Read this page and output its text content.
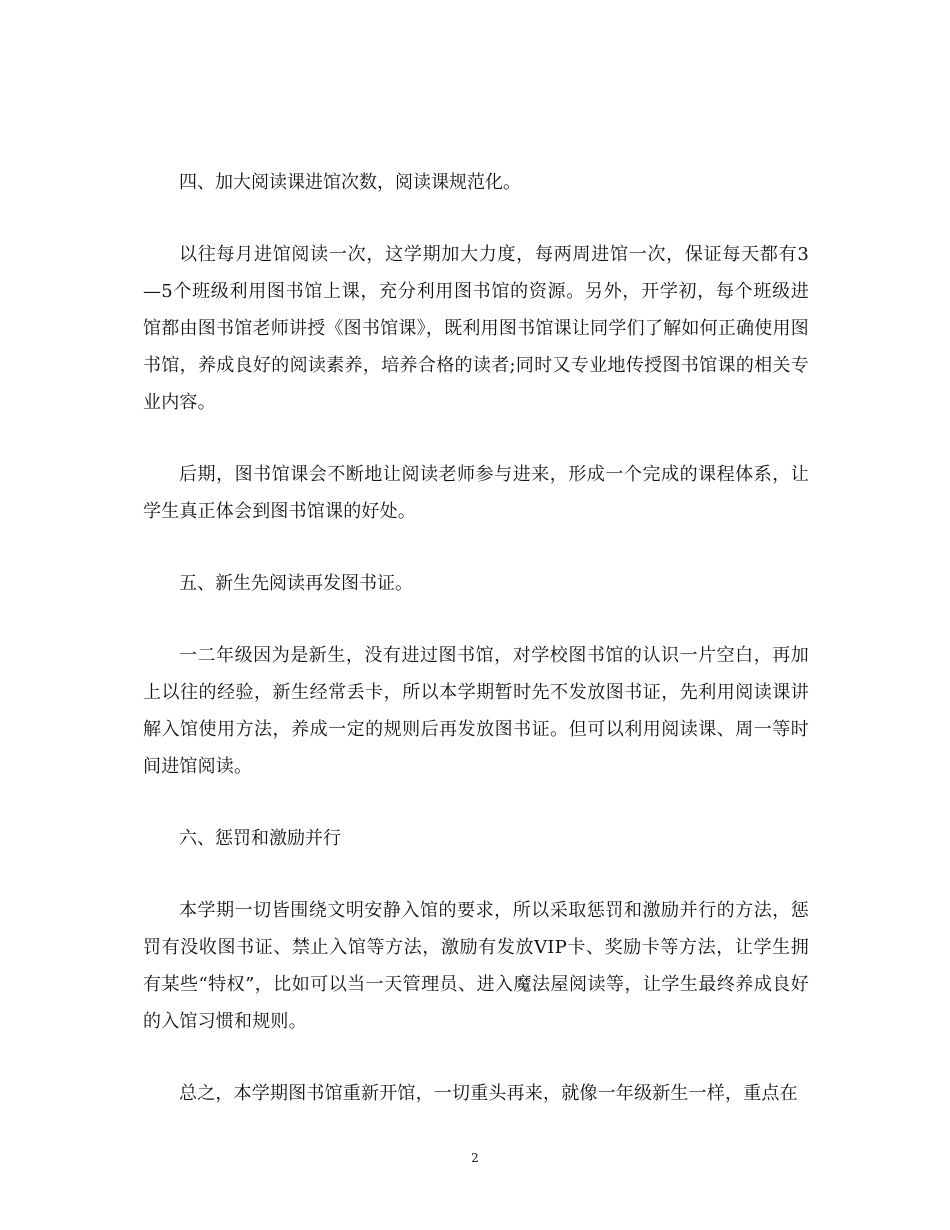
四、加大阅读课进馆次数，阅读课规范化。

以往每月进馆阅读一次，这学期加大力度，每两周进馆一次，保证每天都有3—5个班级利用图书馆上课，充分利用图书馆的资源。另外，开学初，每个班级进馆都由图书馆老师讲授《图书馆课》，既利用图书馆课让同学们了解如何正确使用图书馆，养成良好的阅读素养，培养合格的读者;同时又专业地传授图书馆课的相关专业内容。

后期，图书馆课会不断地让阅读老师参与进来，形成一个完成的课程体系，让学生真正体会到图书馆课的好处。

五、新生先阅读再发图书证。

一二年级因为是新生，没有进过图书馆，对学校图书馆的认识一片空白，再加上以往的经验，新生经常丢卡，所以本学期暂时先不发放图书证，先利用阅读课讲解入馆使用方法，养成一定的规则后再发放图书证。但可以利用阅读课、周一等时间进馆阅读。

六、惩罚和激励并行

本学期一切皆围绕文明安静入馆的要求，所以采取惩罚和激励并行的方法，惩罚有没收图书证、禁止入馆等方法，激励有发放VIP卡、奖励卡等方法，让学生拥有某些“特权”，比如可以当一天管理员、进入魔法屋阅读等，让学生最终养成良好的入馆习惯和规则。

总之，本学期图书馆重新开馆，一切重头再来，就像一年级新生一样，重点在

2
